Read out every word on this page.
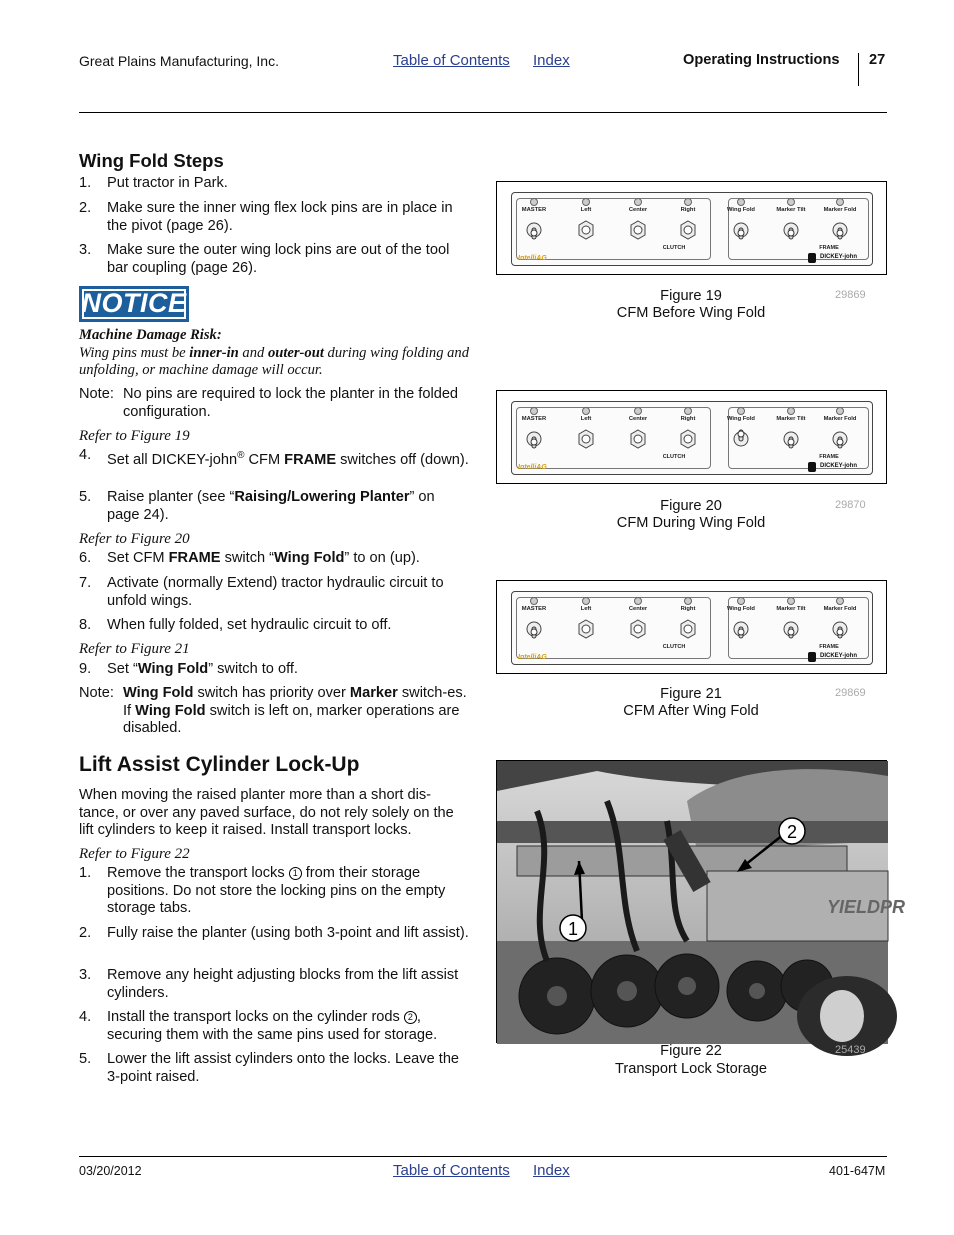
Great Plains Manufacturing, Inc.	Table of Contents Index	Operating Instructions 27
Wing Fold Steps
1. Put tractor in Park.
2. Make sure the inner wing flex lock pins are in place in the pivot (page 26).
3. Make sure the outer wing lock pins are out of the tool bar coupling (page 26).
NOTICE
Machine Damage Risk:
Wing pins must be inner-in and outer-out during wing folding and unfolding, or machine damage will occur.
Note: No pins are required to lock the planter in the folded configuration.
Refer to Figure 19
4. Set all DICKEY-john® CFM FRAME switches off (down).
5. Raise planter (see “Raising/Lowering Planter” on page 24).
Refer to Figure 20
6. Set CFM FRAME switch “Wing Fold” to on (up).
7. Activate (normally Extend) tractor hydraulic circuit to unfold wings.
8. When fully folded, set hydraulic circuit to off.
Refer to Figure 21
9. Set “Wing Fold” switch to off.
Note: Wing Fold switch has priority over Marker switch-es. If Wing Fold switch is left on, marker operations are disabled.
Lift Assist Cylinder Lock-Up
When moving the raised planter more than a short dis-tance, or over any paved surface, do not rely solely on the lift cylinders to keep it raised. Install transport locks.
Refer to Figure 22
1. Remove the transport locks 1 from their storage positions. Do not store the locking pins on the empty storage tabs.
2. Fully raise the planter (using both 3-point and lift assist).
3. Remove any height adjusting blocks from the lift assist cylinders.
4. Install the transport locks on the cylinder rods 2 , securing them with the same pins used for storage.
5. Lower the lift assist cylinders onto the locks. Leave the 3-point raised.
MASTER	Left	Center	Right	Wing Fold	Marker Tilt	Marker Fold
CLUTCH	FRAME
IntelliAG	DICKEY-john
Figure 19
CFM Before Wing Fold
29869
MASTER	Left	Center	Right	Wing Fold	Marker Tilt	Marker Fold
CLUTCH	FRAME
IntelliAG	DICKEY-john
Figure 20
CFM During Wing Fold
29870
MASTER	Left	Center	Right	Wing Fold	Marker Tilt	Marker Fold
CLUTCH	FRAME
IntelliAG	DICKEY-john
Figure 21
CFM After Wing Fold
29869
YIELDPR
1
2
Figure 22
Transport Lock Storage
25439
03/20/2012	Table of Contents Index	401-647M
